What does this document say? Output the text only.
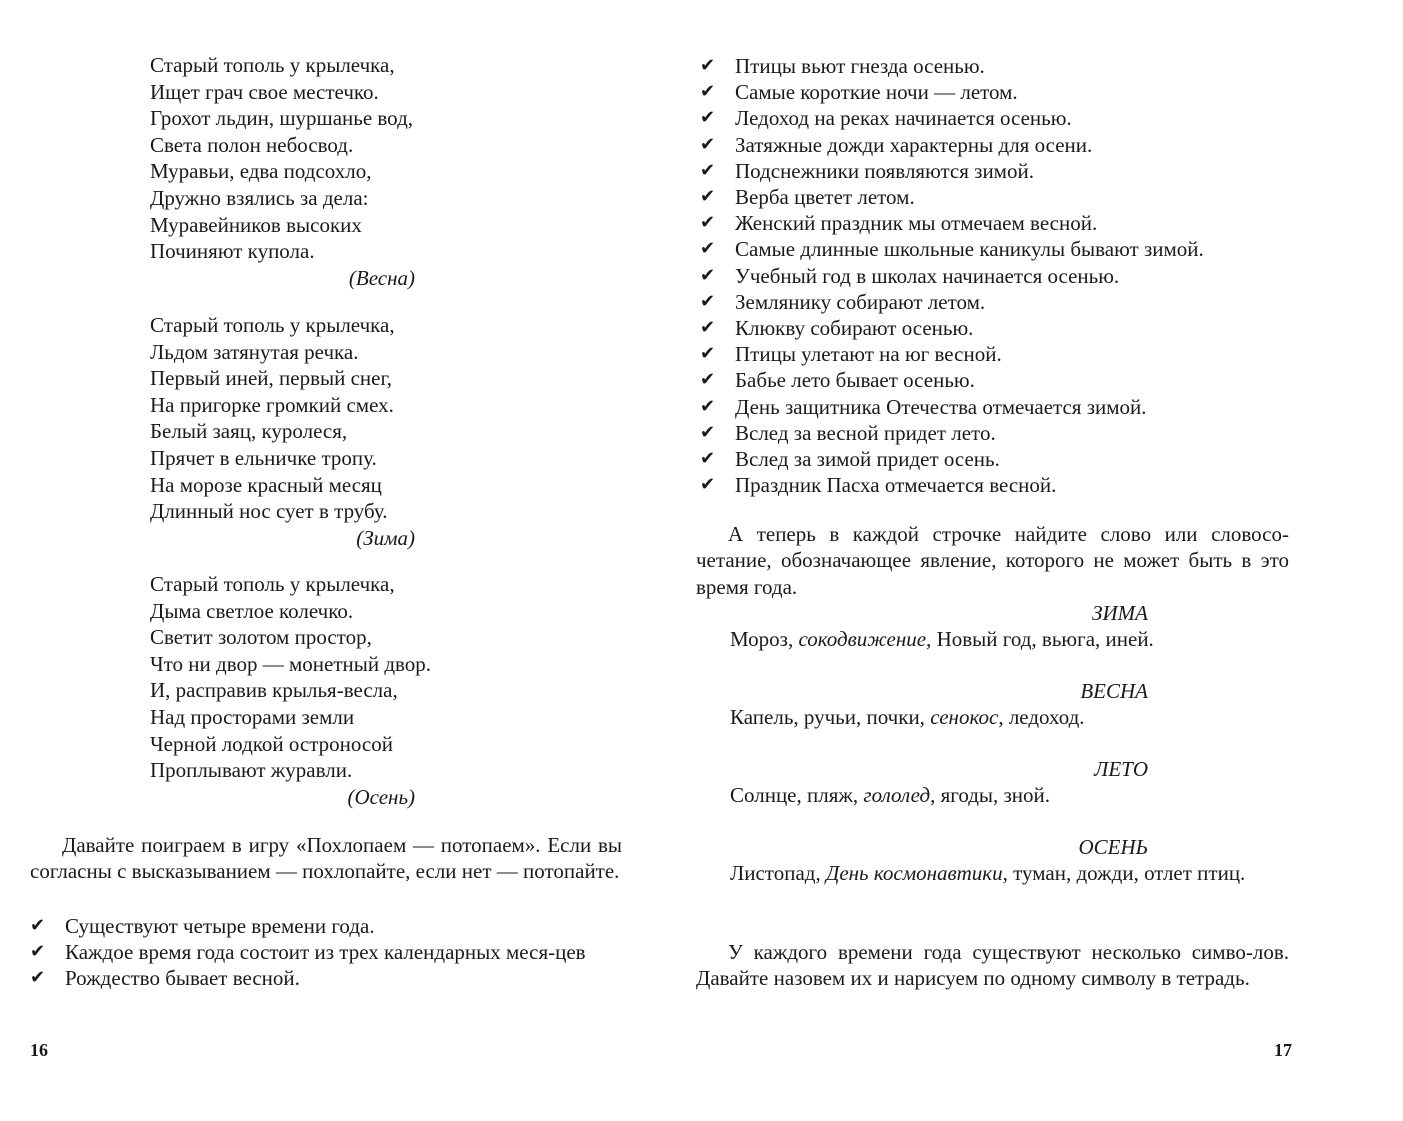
Старый тополь у крылечка,
Ищет грач свое местечко.
Грохот льдин, шуршанье вод,
Света полон небосвод.
Муравьи, едва подсохло,
Дружно взялись за дела:
Муравейников высоких
Починяют купола.
(Весна)
Старый тополь у крылечка,
Льдом затянутая речка.
Первый иней, первый снег,
На пригорке громкий смех.
Белый заяц, куролеся,
Прячет в ельничке тропу.
На морозе красный месяц
Длинный нос сует в трубу.
(Зима)
Старый тополь у крылечка,
Дыма светлое колечко.
Светит золотом простор,
Что ни двор — монетный двор.
И, расправив крылья-весла,
Над просторами земли
Черной лодкой остроносой
Проплывают журавли.
(Осень)
Давайте поиграем в игру «Похлопаем — потопаем». Если вы согласны с высказыванием — похлопайте, если нет — потопайте.
✔ Существуют четыре времени года.
✔ Каждое время года состоит из трех календарных меся-цев
✔ Рождество бывает весной.
16
✔ Птицы вьют гнезда осенью.
✔ Самые короткие ночи — летом.
✔ Ледоход на реках начинается осенью.
✔ Затяжные дожди характерны для осени.
✔ Подснежники появляются зимой.
✔ Верба цветет летом.
✔ Женский праздник мы отмечаем весной.
✔ Самые длинные школьные каникулы бывают зимой.
✔ Учебный год в школах начинается осенью.
✔ Землянику собирают летом.
✔ Клюкву собирают осенью.
✔ Птицы улетают на юг весной.
✔ Бабье лето бывает осенью.
✔ День защитника Отечества отмечается зимой.
✔ Вслед за весной придет лето.
✔ Вслед за зимой придет осень.
✔ Праздник Пасха отмечается весной.
А теперь в каждой строчке найдите слово или словосо-четание, обозначающее явление, которого не может быть в это время года.
ЗИМА
Мороз, сокодвижение, Новый год, вьюга, иней.
ВЕСНА
Капель, ручьи, почки, сенокос, ледоход.
ЛЕТО
Солнце, пляж, гололед, ягоды, зной.
ОСЕНЬ
Листопад, День космонавтики, туман, дожди, отлет птиц.
У каждого времени года существуют несколько симво-лов. Давайте назовем их и нарисуем по одному символу в тетрадь.
17
